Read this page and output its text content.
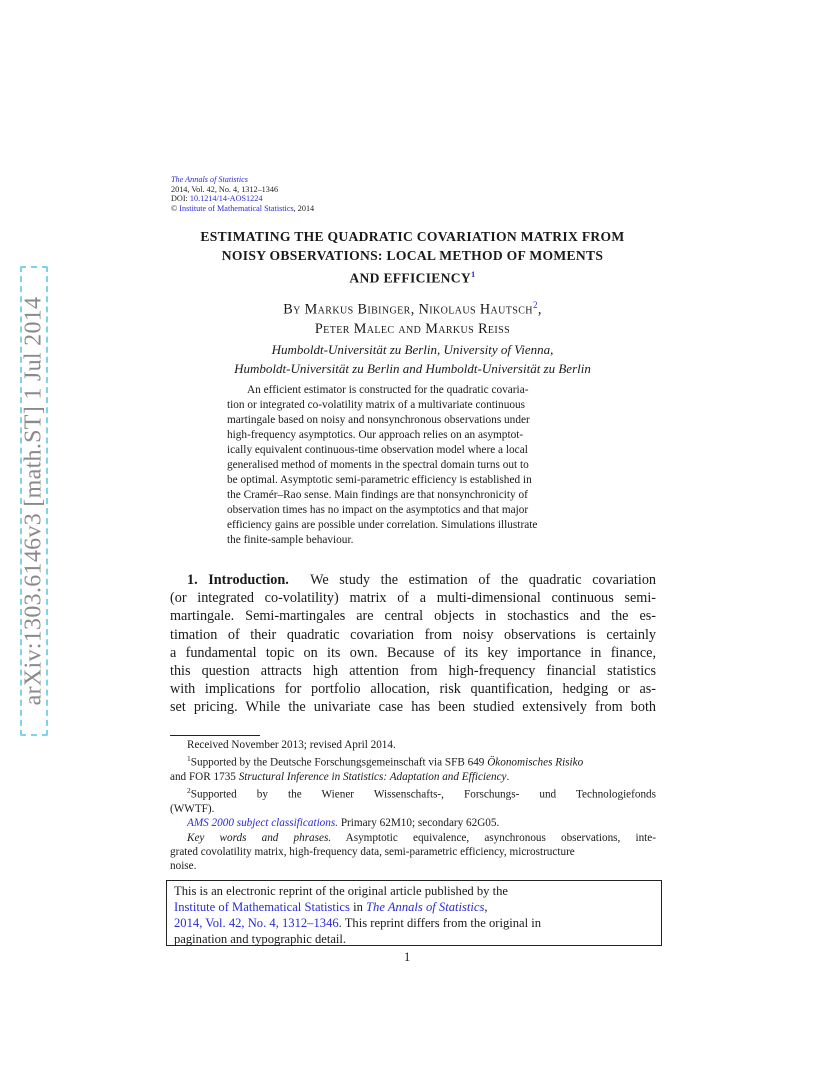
arXiv:1303.6146v3 [math.ST] 1 Jul 2014
The Annals of Statistics
2014, Vol. 42, No. 4, 1312–1346
DOI: 10.1214/14-AOS1224
© Institute of Mathematical Statistics, 2014
ESTIMATING THE QUADRATIC COVARIATION MATRIX FROM
NOISY OBSERVATIONS: LOCAL METHOD OF MOMENTS
AND EFFICIENCY$^1$
By Markus Bibinger, Nikolaus Hautsch$^2$,
Peter Malec and Markus Reiss
Humboldt-Universität zu Berlin, University of Vienna,
Humboldt-Universität zu Berlin and Humboldt-Universität zu Berlin
An efficient estimator is constructed for the quadratic covaria-
tion or integrated co-volatility matrix of a multivariate continuous
martingale based on noisy and nonsynchronous observations under
high-frequency asymptotics. Our approach relies on an asymptot-
ically equivalent continuous-time observation model where a local
generalised method of moments in the spectral domain turns out to
be optimal. Asymptotic semi-parametric efficiency is established in
the Cramér–Rao sense. Main findings are that nonsynchronicity of
observation times has no impact on the asymptotics and that major
efficiency gains are possible under correlation. Simulations illustrate
the finite-sample behaviour.
1. Introduction. We study the estimation of the quadratic covariation
(or integrated co-volatility) matrix of a multi-dimensional continuous semi-
martingale. Semi-martingales are central objects in stochastics and the es-
timation of their quadratic covariation from noisy observations is certainly
a fundamental topic on its own. Because of its key importance in finance,
this question attracts high attention from high-frequency financial statistics
with implications for portfolio allocation, risk quantification, hedging or as-
set pricing. While the univariate case has been studied extensively from both
Received November 2013; revised April 2014.
$^1$Supported by the Deutsche Forschungsgemeinschaft via SFB 649 Ökonomisches Risiko
and FOR 1735 Structural Inference in Statistics: Adaptation and Efficiency.
$^2$Supported by the Wiener Wissenschafts-, Forschungs- und Technologiefonds
(WWTF).
AMS 2000 subject classifications. Primary 62M10; secondary 62G05.
Key words and phrases. Asymptotic equivalence, asynchronous observations, inte-
grated covolatility matrix, high-frequency data, semi-parametric efficiency, microstructure
noise.
This is an electronic reprint of the original article published by the
Institute of Mathematical Statistics in The Annals of Statistics,
2014, Vol. 42, No. 4, 1312–1346. This reprint differs from the original in
pagination and typographic detail.
1
